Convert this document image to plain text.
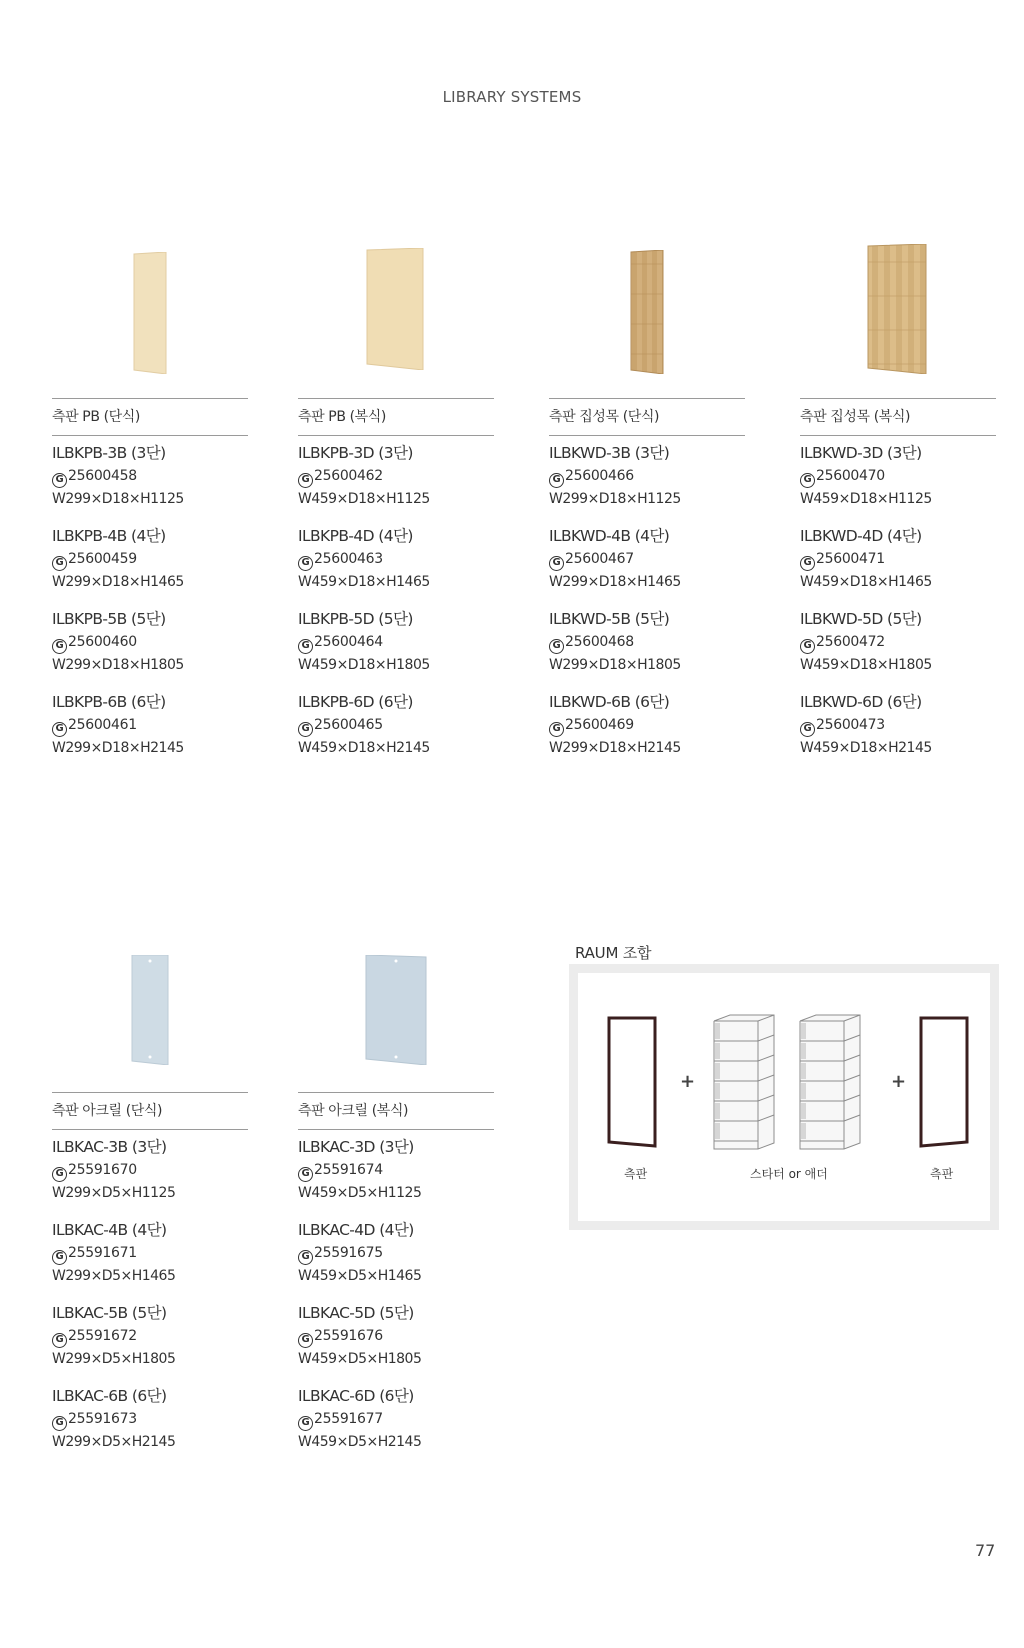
LIBRARY SYSTEMS
측판 PB (단식)
ILBKPB-3B (3단)
G 25600458
W299×D18×H1125
ILBKPB-4B (4단)
G 25600459
W299×D18×H1465
ILBKPB-5B (5단)
G 25600460
W299×D18×H1805
ILBKPB-6B (6단)
G 25600461
W299×D18×H2145
측판 PB (복식)
ILBKPB-3D (3단)
G 25600462
W459×D18×H1125
ILBKPB-4D (4단)
G 25600463
W459×D18×H1465
ILBKPB-5D (5단)
G 25600464
W459×D18×H1805
ILBKPB-6D (6단)
G 25600465
W459×D18×H2145
측판 집성목 (단식)
ILBKWD-3B (3단)
G 25600466
W299×D18×H1125
ILBKWD-4B (4단)
G 25600467
W299×D18×H1465
ILBKWD-5B (5단)
G 25600468
W299×D18×H1805
ILBKWD-6B (6단)
G 25600469
W299×D18×H2145
측판 집성목 (복식)
ILBKWD-3D (3단)
G 25600470
W459×D18×H1125
ILBKWD-4D (4단)
G 25600471
W459×D18×H1465
ILBKWD-5D (5단)
G 25600472
W459×D18×H1805
ILBKWD-6D (6단)
G 25600473
W459×D18×H2145
측판 아크릴 (단식)
ILBKAC-3B (3단)
G 25591670
W299×D5×H1125
ILBKAC-4B (4단)
G 25591671
W299×D5×H1465
ILBKAC-5B (5단)
G 25591672
W299×D5×H1805
ILBKAC-6B (6단)
G 25591673
W299×D5×H2145
측판 아크릴 (복식)
ILBKAC-3D (3단)
G 25591674
W459×D5×H1125
ILBKAC-4D (4단)
G 25591675
W459×D5×H1465
ILBKAC-5D (5단)
G 25591676
W459×D5×H1805
ILBKAC-6D (6단)
G 25591677
W459×D5×H2145
RAUM 조합
+	+
측판	스타터 or 애더	측판
77
